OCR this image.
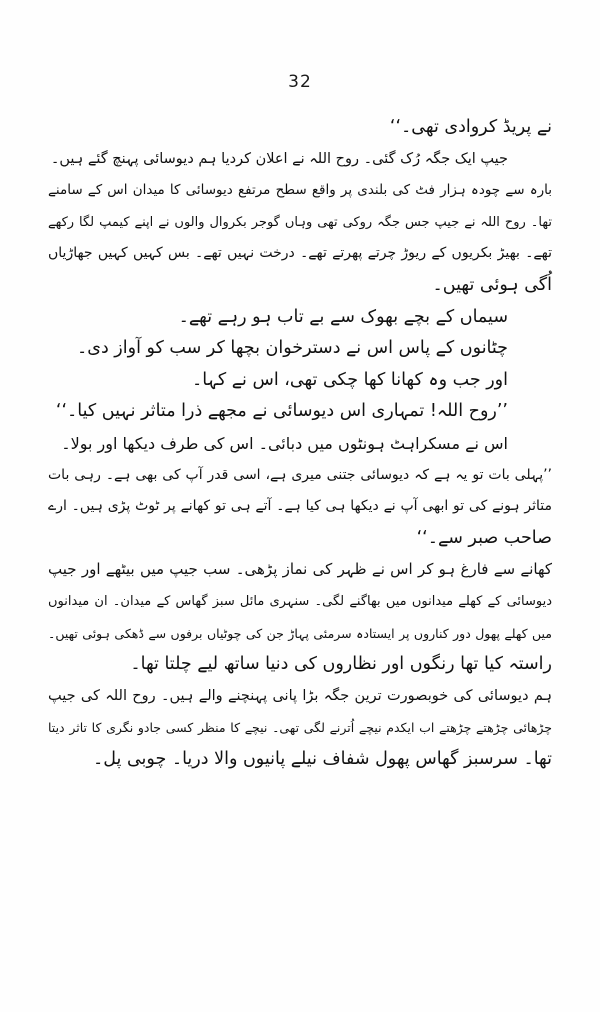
32
نے پریڈ کروادی تھی۔‘‘
جیپ ایک جگہ رُک گئی۔ روح اللہ نے اعلان کردیا ہم دیوسائی پہنچ گئے ہیں۔
بارہ سے چودہ ہزار فٹ کی بلندی پر واقع سطح مرتفع دیوسائی کا میدان اس کے سامنے
تھا۔ روح اللہ نے جیپ جس جگہ روکی تھی وہاں گوجر بکروال والوں نے اپنے کیمپ لگا رکھے
تھے۔ بھیڑ بکریوں کے ریوڑ چرتے پھرتے تھے۔ درخت نہیں تھے۔ بس کہیں کہیں جھاڑیاں
اُگی ہوئی تھیں۔
سیماں کے بچے بھوک سے بے تاب ہو رہے تھے۔
چٹانوں کے پاس اس نے دسترخوان بچھا کر سب کو آواز دی۔
اور جب وہ کھانا کھا چکی تھی، اس نے کہا۔
’’روح اللہ! تمہاری اس دیوسائی نے مجھے ذرا متاثر نہیں کیا۔‘‘
اس نے مسکراہٹ ہونٹوں میں دبائی۔ اس کی طرف دیکھا اور بولا۔
’’پہلی بات تو یہ ہے کہ دیوسائی جتنی میری ہے، اسی قدر آپ کی بھی ہے۔ رہی بات
متاثر ہونے کی تو ابھی آپ نے دیکھا ہی کیا ہے۔ آتے ہی تو کھانے پر ٹوٹ پڑی ہیں۔ ارے
صاحب صبر سے۔‘‘
کھانے سے فارغ ہو کر اس نے ظہر کی نماز پڑھی۔ سب جیپ میں بیٹھے اور جیپ
دیوسائی کے کھلے میدانوں میں بھاگنے لگی۔ سنہری مائل سبز گھاس کے میدان۔ ان میدانوں
میں کھلے پھول دور کناروں پر ایستادہ سرمئی پہاڑ جن کی چوٹیاں برفوں سے ڈھکی ہوئی تھیں۔
راستہ کیا تھا رنگوں اور نظاروں کی دنیا ساتھ لیے چلتا تھا۔
ہم دیوسائی کی خوبصورت ترین جگہ بڑا پانی پہنچنے والے ہیں۔ روح اللہ کی جیپ
چڑھائی چڑھتے چڑھتے اب ایکدم نیچے اُترنے لگی تھی۔ نیچے کا منظر کسی جادو نگری کا تاثر دیتا
تھا۔ سرسبز گھاس پھول شفاف نیلے پانیوں والا دریا۔ چوبی پل۔
